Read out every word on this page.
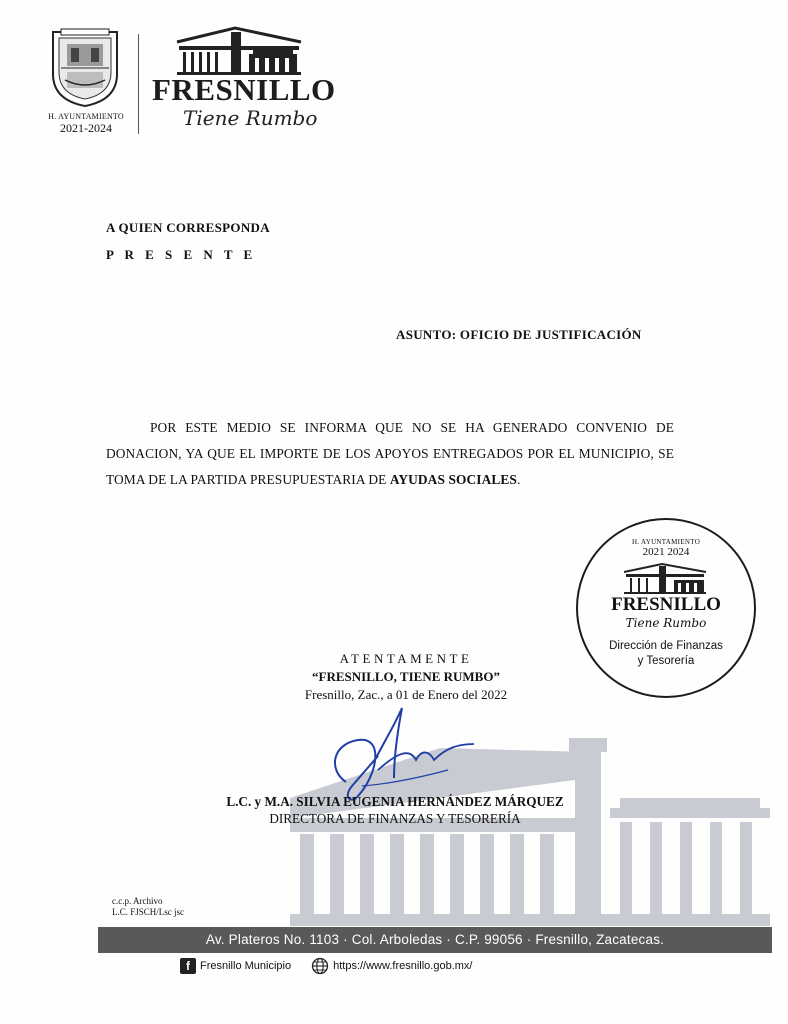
H. AYUNTAMIENTO
2021-2024
FRESNILLO
Tiene Rumbo
A QUIEN CORRESPONDA
P R E S E N T E
ASUNTO: OFICIO DE JUSTIFICACIÓN
POR ESTE MEDIO SE INFORMA QUE NO SE HA GENERADO CONVENIO DE DONACION, YA QUE EL IMPORTE DE LOS APOYOS ENTREGADOS POR EL MUNICIPIO, SE TOMA DE LA PARTIDA PRESUPUESTARIA DE AYUDAS SOCIALES.
H. AYUNTAMIENTO
2021 2024
FRESNILLO
Tiene Rumbo
Dirección de Finanzas
y Tesorería
ATENTAMENTE
“FRESNILLO, TIENE RUMBO”
Fresnillo, Zac., a 01 de Enero del 2022
L.C. y M.A. SILVIA EUGENIA HERNÁNDEZ MÁRQUEZ
DIRECTORA DE FINANZAS Y TESORERÍA
c.c.p. Archivo
L.C. FJSCH/Lsc jsc
Av. Plateros No. 1103 · Col. Arboledas · C.P. 99056 · Fresnillo, Zacatecas.
f Fresnillo Municipio	https://www.fresnillo.gob.mx/
